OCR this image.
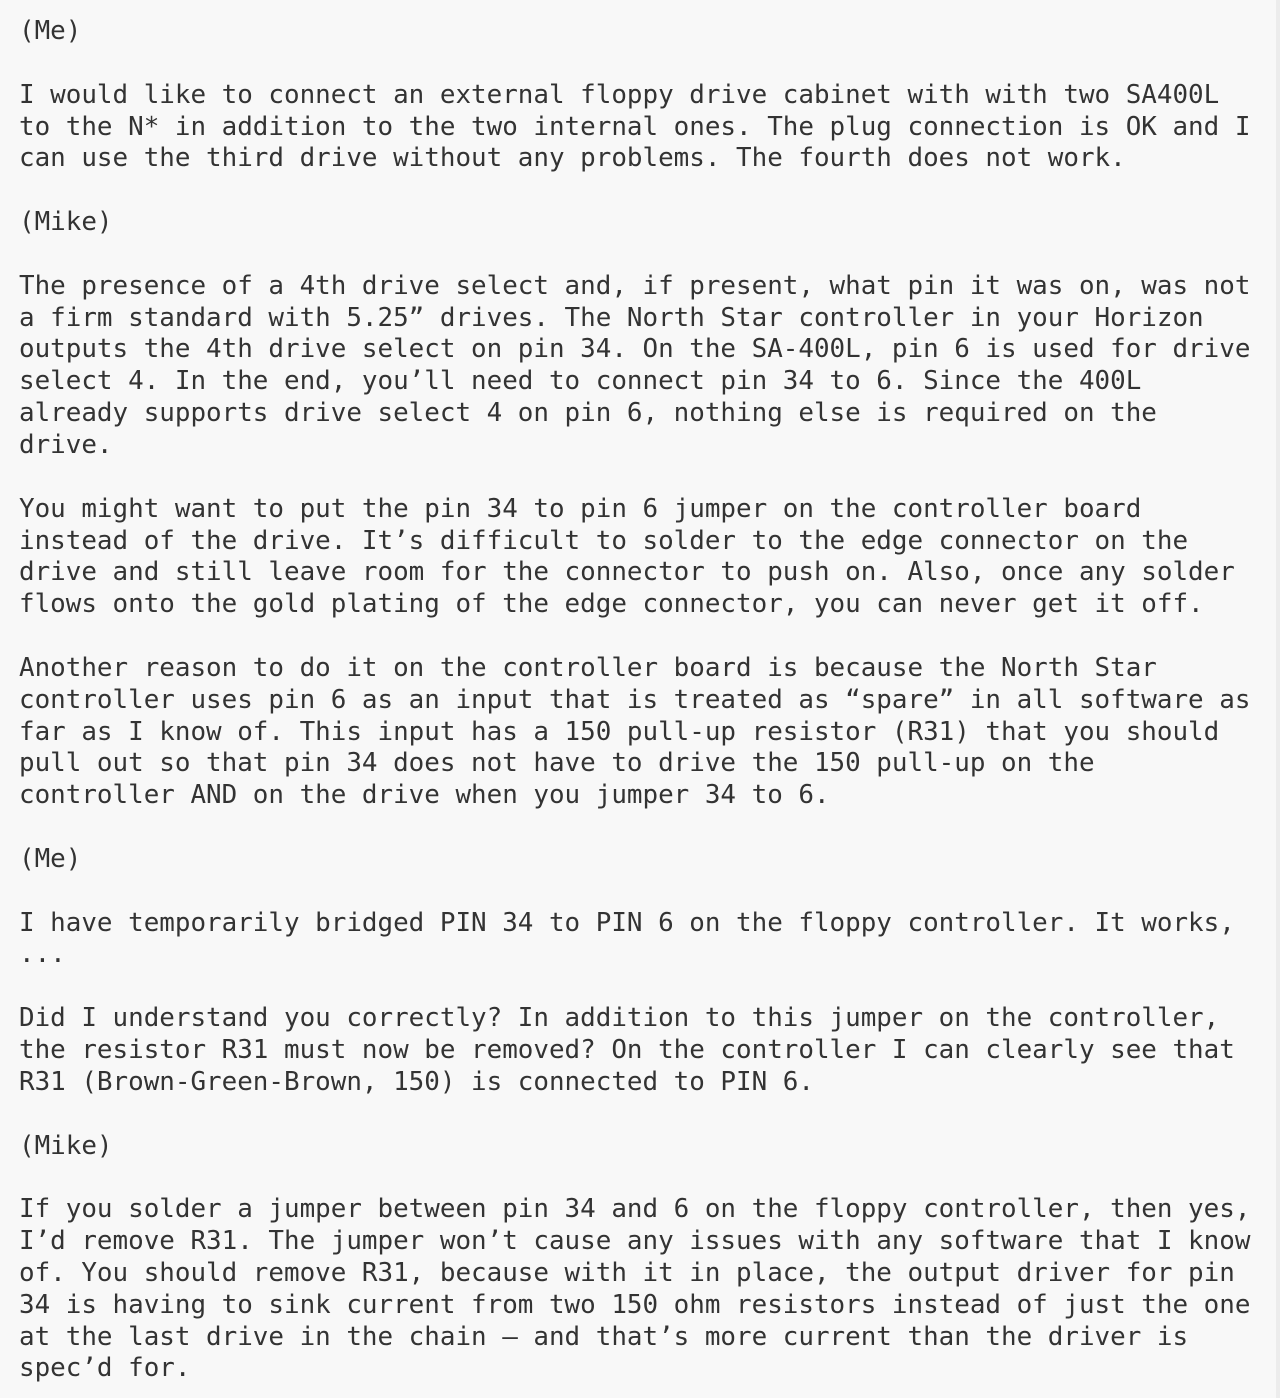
(Me)

I would like to connect an external floppy drive cabinet with with two SA400L
to the N* in addition to the two internal ones. The plug connection is OK and I
can use the third drive without any problems. The fourth does not work.

(Mike)

The presence of a 4th drive select and, if present, what pin it was on, was not
a firm standard with 5.25” drives. The North Star controller in your Horizon
outputs the 4th drive select on pin 34. On the SA-400L, pin 6 is used for drive
select 4. In the end, you’ll need to connect pin 34 to 6. Since the 400L
already supports drive select 4 on pin 6, nothing else is required on the
drive.

You might want to put the pin 34 to pin 6 jumper on the controller board
instead of the drive. It’s difficult to solder to the edge connector on the
drive and still leave room for the connector to push on. Also, once any solder
flows onto the gold plating of the edge connector, you can never get it off.

Another reason to do it on the controller board is because the North Star
controller uses pin 6 as an input that is treated as “spare” in all software as
far as I know of. This input has a 150 pull-up resistor (R31) that you should
pull out so that pin 34 does not have to drive the 150 pull-up on the
controller AND on the drive when you jumper 34 to 6.

(Me)

I have temporarily bridged PIN 34 to PIN 6 on the floppy controller. It works,
...

Did I understand you correctly? In addition to this jumper on the controller,
the resistor R31 must now be removed? On the controller I can clearly see that
R31 (Brown-Green-Brown, 150) is connected to PIN 6.

(Mike)

If you solder a jumper between pin 34 and 6 on the floppy controller, then yes,
I’d remove R31. The jumper won’t cause any issues with any software that I know
of. You should remove R31, because with it in place, the output driver for pin
34 is having to sink current from two 150 ohm resistors instead of just the one
at the last drive in the chain – and that’s more current than the driver is
spec’d for.
